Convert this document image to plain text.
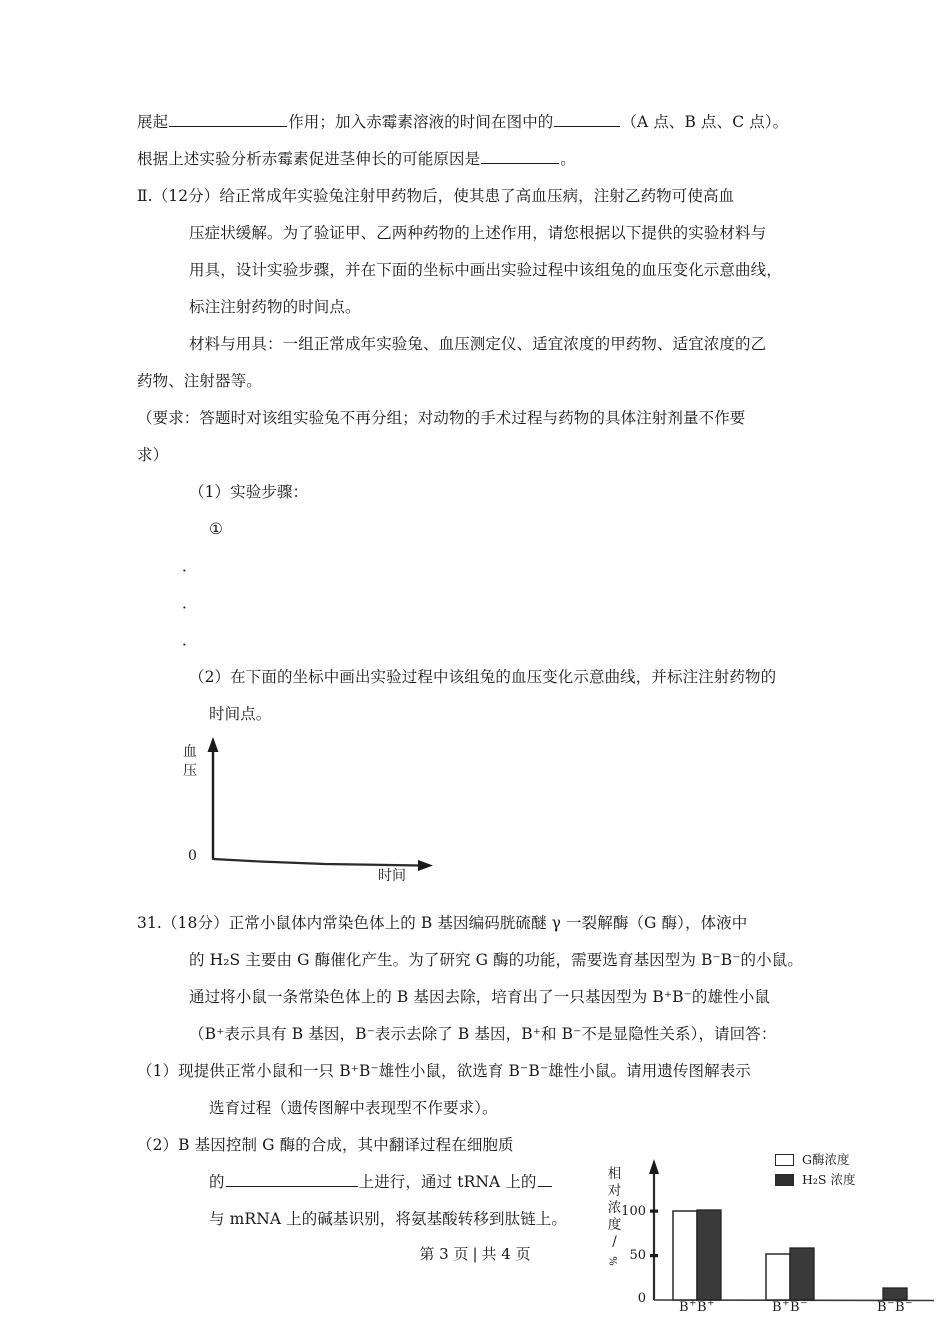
展起	作用；加入赤霉素溶液的时间在图中的	（A 点、B 点、C 点）。
根据上述实验分析赤霉素促进茎伸长的可能原因是	。
Ⅱ.（12分）给正常成年实验兔注射甲药物后，使其患了高血压病，注射乙药物可使高血
压症状缓解。为了验证甲、乙两种药物的上述作用，请您根据以下提供的实验材料与
用具，设计实验步骤，并在下面的坐标中画出实验过程中该组兔的血压变化示意曲线，
标注注射药物的时间点。
材料与用具：一组正常成年实验兔、血压测定仪、适宜浓度的甲药物、适宜浓度的乙
药物、注射器等。
（要求：答题时对该组实验兔不再分组；对动物的手术过程与药物的具体注射剂量不作要
求）
（1）实验步骤：
①
．
．
．
（2）在下面的坐标中画出实验过程中该组兔的血压变化示意曲线，并标注注射药物的
时间点。
血压
0
时间
31.（18分）正常小鼠体内常染色体上的 B 基因编码胱硫醚 γ 一裂解酶（G 酶），体液中
的 H₂S 主要由 G 酶催化产生。为了研究 G 酶的功能，需要选育基因型为 B⁻B⁻的小鼠。
通过将小鼠一条常染色体上的 B 基因去除，培育出了一只基因型为 B⁺B⁻的雄性小鼠
（B⁺表示具有 B 基因，B⁻表示去除了 B 基因，B⁺和 B⁻不是显隐性关系），请回答：
（1）现提供正常小鼠和一只 B⁺B⁻雄性小鼠，欲选育 B⁻B⁻雄性小鼠。请用遗传图解表示
选育过程（遗传图解中表现型不作要求）。
（2）B 基因控制 G 酶的合成，其中翻译过程在细胞质
的	上进行，通过 tRNA 上的
与 mRNA 上的碱基识别，将氨基酸转移到肽链上。
相
对
浓
度
/ %
G酶浓度
H₂S 浓度
100
50
0
B+B+	B+B−	B−B−
第 3 页 | 共 4 页
